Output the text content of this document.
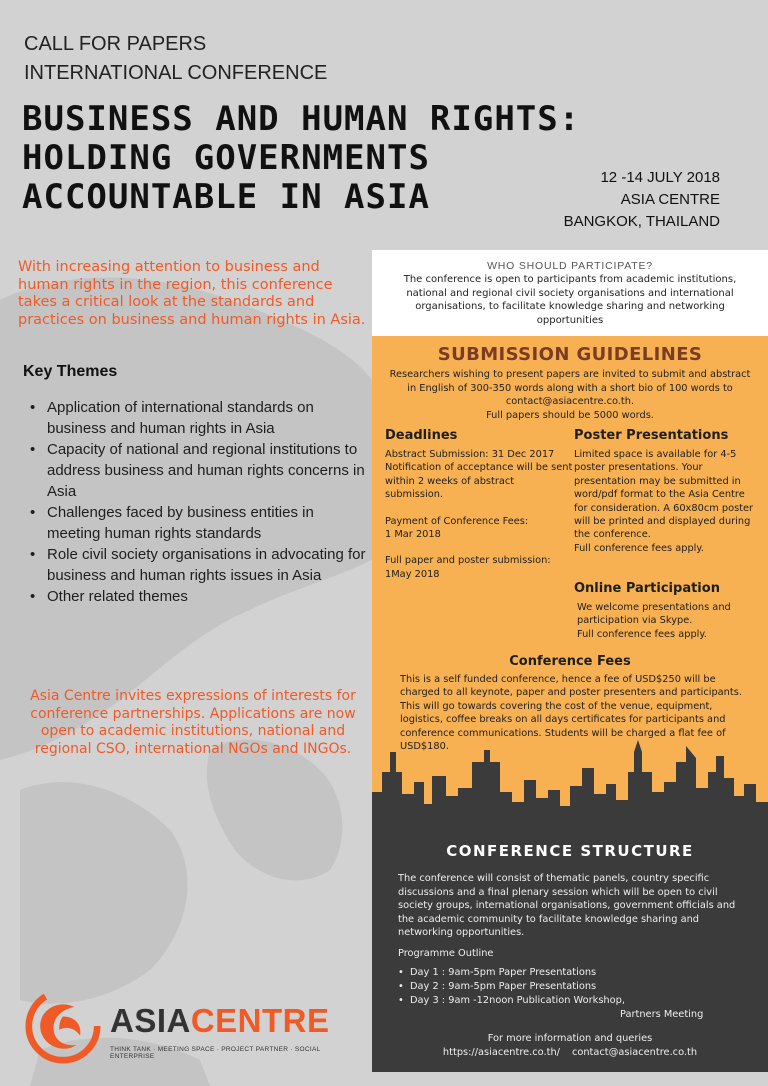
CALL FOR PAPERS
INTERNATIONAL CONFERENCE
BUSINESS AND HUMAN RIGHTS:
HOLDING GOVERNMENTS
ACCOUNTABLE IN ASIA	12 -14 JULY 2018
ASIA CENTRE
BANGKOK, THAILAND

With increasing attention to business and human rights in the region, this conference takes a critical look at the standards and practices on business and human rights in Asia.

Key Themes
• Application of international standards on business and human rights in Asia
• Capacity of national and regional institutions to address business and human rights concerns in Asia
• Challenges faced by business entities in meeting human rights standards
• Role civil society organisations in advocating for business and human rights issues in Asia
• Other related themes

Asia Centre invites expressions of interests for conference partnerships. Applications are now open to academic institutions, national and regional CSO, international NGOs and INGOs.

ASIACENTRE
THINK TANK · MEETING SPACE · PROJECT PARTNER · SOCIAL ENTERPRISE
WHO SHOULD PARTICIPATE?
The conference is open to participants from academic institutions, national and regional civil society organisations and international organisations, to facilitate knowledge sharing and networking opportunities
SUBMISSION GUIDELINES
Researchers wishing to present papers are invited to submit and abstract in English of 300-350 words along with a short bio of 100 words to contact@asiacentre.co.th.
Full papers should be 5000 words.
Deadlines
Abstract Submission: 31 Dec 2017 Notification of acceptance will be sent within 2 weeks of abstract submission.
Payment of Conference Fees:
1 Mar 2018
Full paper and poster submission:
1May 2018
Poster Presentations
Limited space is available for 4-5 poster presentations. Your presentation may be submitted in word/pdf format to the Asia Centre for consideration. A 60x80cm poster will be printed and displayed during the conference.
Full conference fees apply.
Online Participation
We welcome presentations and participation via Skype.
Full conference fees apply.
Conference Fees
This is a self funded conference, hence a fee of USD$250 will be charged to all keynote, paper and poster presenters and participants. This will go towards covering the cost of the venue, equipment, logistics, coffee breaks on all days certificates for participants and conference communications. Students will be charged a flat fee of USD$180.
CONFERENCE STRUCTURE
The conference will consist of thematic panels, country specific discussions and a final plenary session which will be open to civil society groups, international organisations, government officials and the academic community to facilitate knowledge sharing and networking opportunities.
Programme Outline
• Day 1 : 9am-5pm Paper Presentations
• Day 2 : 9am-5pm Paper Presentations
• Day 3 : 9am -12noon Publication Workshop,
Partners Meeting
For more information and queries
https://asiacentre.co.th/ contact@asiacentre.co.th
